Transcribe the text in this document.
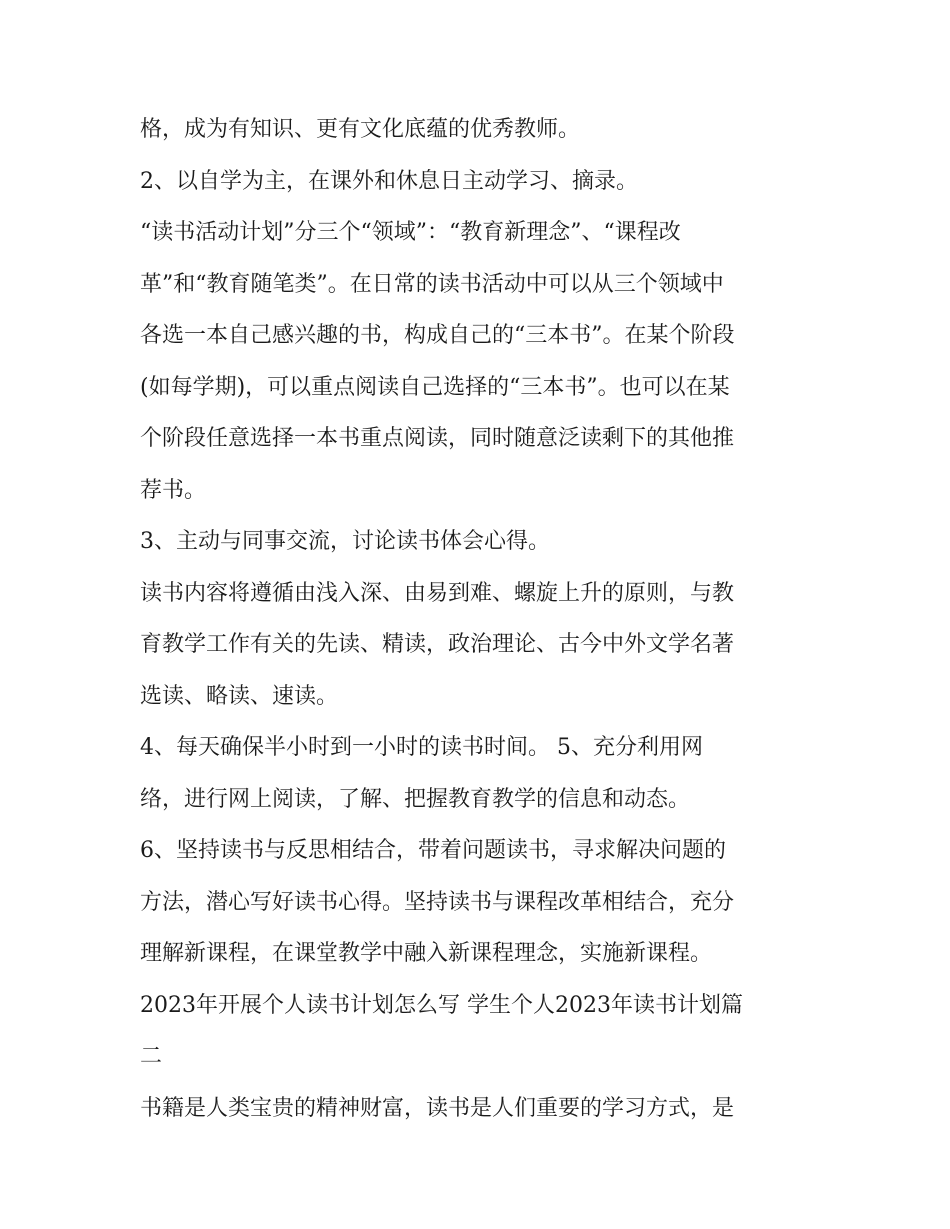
格，成为有知识、更有文化底蕴的优秀教师。
2、以自学为主，在课外和休息日主动学习、摘录。
“读书活动计划”分三个“领域”：“教育新理念”、“课程改
革”和“教育随笔类”。在日常的读书活动中可以从三个领域中
各选一本自己感兴趣的书，构成自己的“三本书”。在某个阶段
(如每学期)，可以重点阅读自己选择的“三本书”。也可以在某
个阶段任意选择一本书重点阅读，同时随意泛读剩下的其他推
荐书。
3、主动与同事交流，讨论读书体会心得。
读书内容将遵循由浅入深、由易到难、螺旋上升的原则，与教
育教学工作有关的先读、精读，政治理论、古今中外文学名著
选读、略读、速读。
4、每天确保半小时到一小时的读书时间。 5、充分利用网
络，进行网上阅读，了解、把握教育教学的信息和动态。
6、坚持读书与反思相结合，带着问题读书，寻求解决问题的
方法，潜心写好读书心得。坚持读书与课程改革相结合，充分
理解新课程，在课堂教学中融入新课程理念，实施新课程。
2023年开展个人读书计划怎么写 学生个人2023年读书计划篇
二
书籍是人类宝贵的精神财富，读书是人们重要的学习方式，是
